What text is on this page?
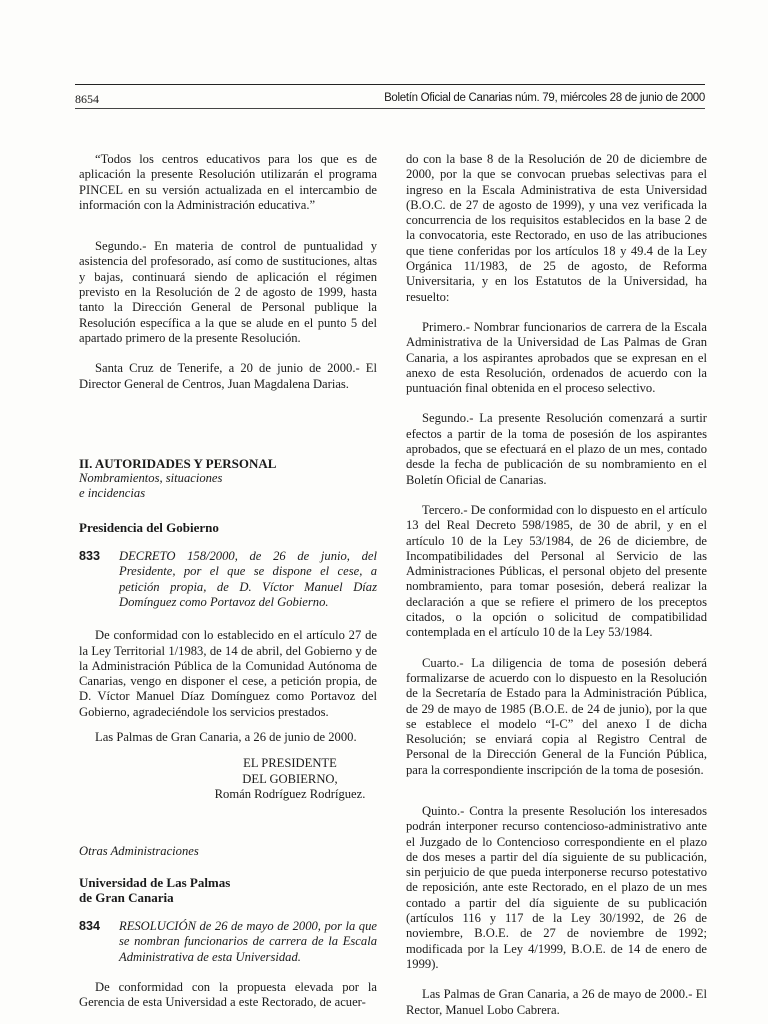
8654	Boletín Oficial de Canarias núm. 79, miércoles 28 de junio de 2000

“Todos los centros educativos para los que es de aplicación la presente Resolución utilizarán el programa PINCEL en su versión actualizada en el intercambio de información con la Administración educativa.”

Segundo.- En materia de control de puntualidad y asistencia del profesorado, así como de sustituciones, altas y bajas, continuará siendo de aplicación el régimen previsto en la Resolución de 2 de agosto de 1999, hasta tanto la Dirección General de Personal publique la Resolución específica a la que se alude en el punto 5 del apartado primero de la presente Resolución.

Santa Cruz de Tenerife, a 20 de junio de 2000.- El Director General de Centros, Juan Magdalena Darias.

II. AUTORIDADES Y PERSONAL
Nombramientos, situaciones
e incidencias
Presidencia del Gobierno
833	DECRETO 158/2000, de 26 de junio, del Presidente, por el que se dispone el cese, a petición propia, de D. Víctor Manuel Díaz Domínguez como Portavoz del Gobierno.

De conformidad con lo establecido en el artículo 27 de la Ley Territorial 1/1983, de 14 de abril, del Gobierno y de la Administración Pública de la Comunidad Autónoma de Canarias, vengo en disponer el cese, a petición propia, de D. Víctor Manuel Díaz Domínguez como Portavoz del Gobierno, agradeciéndole los servicios prestados.

Las Palmas de Gran Canaria, a 26 de junio de 2000.

EL PRESIDENTE
DEL GOBIERNO,
Román Rodríguez Rodríguez.
Otras Administraciones
Universidad de Las Palmas
de Gran Canaria
834	RESOLUCIÓN de 26 de mayo de 2000, por la que se nombran funcionarios de carrera de la Escala Administrativa de esta Universidad.

De conformidad con la propuesta elevada por la Gerencia de esta Universidad a este Rectorado, de acuer-

do con la base 8 de la Resolución de 20 de diciembre de 2000, por la que se convocan pruebas selectivas para el ingreso en la Escala Administrativa de esta Universidad (B.O.C. de 27 de agosto de 1999), y una vez verificada la concurrencia de los requisitos establecidos en la base 2 de la convocatoria, este Rectorado, en uso de las atribuciones que tiene conferidas por los artículos 18 y 49.4 de la Ley Orgánica 11/1983, de 25 de agosto, de Reforma Universitaria, y en los Estatutos de la Universidad, ha resuelto:

Primero.- Nombrar funcionarios de carrera de la Escala Administrativa de la Universidad de Las Palmas de Gran Canaria, a los aspirantes aprobados que se expresan en el anexo de esta Resolución, ordenados de acuerdo con la puntuación final obtenida en el proceso selectivo.

Segundo.- La presente Resolución comenzará a surtir efectos a partir de la toma de posesión de los aspirantes aprobados, que se efectuará en el plazo de un mes, contado desde la fecha de publicación de su nombramiento en el Boletín Oficial de Canarias.

Tercero.- De conformidad con lo dispuesto en el artículo 13 del Real Decreto 598/1985, de 30 de abril, y en el artículo 10 de la Ley 53/1984, de 26 de diciembre, de Incompatibilidades del Personal al Servicio de las Administraciones Públicas, el personal objeto del presente nombramiento, para tomar posesión, deberá realizar la declaración a que se refiere el primero de los preceptos citados, o la opción o solicitud de compatibilidad contemplada en el artículo 10 de la Ley 53/1984.

Cuarto.- La diligencia de toma de posesión deberá formalizarse de acuerdo con lo dispuesto en la Resolución de la Secretaría de Estado para la Administración Pública, de 29 de mayo de 1985 (B.O.E. de 24 de junio), por la que se establece el modelo “I-C” del anexo I de dicha Resolución; se enviará copia al Registro Central de Personal de la Dirección General de la Función Pública, para la correspondiente inscripción de la toma de posesión.

Quinto.- Contra la presente Resolución los interesados podrán interponer recurso contencioso-administrativo ante el Juzgado de lo Contencioso correspondiente en el plazo de dos meses a partir del día siguiente de su publicación, sin perjuicio de que pueda interponerse recurso potestativo de reposición, ante este Rectorado, en el plazo de un mes contado a partir del día siguiente de su publicación (artículos 116 y 117 de la Ley 30/1992, de 26 de noviembre, B.O.E. de 27 de noviembre de 1992; modificada por la Ley 4/1999, B.O.E. de 14 de enero de 1999).

Las Palmas de Gran Canaria, a 26 de mayo de 2000.- El Rector, Manuel Lobo Cabrera.
